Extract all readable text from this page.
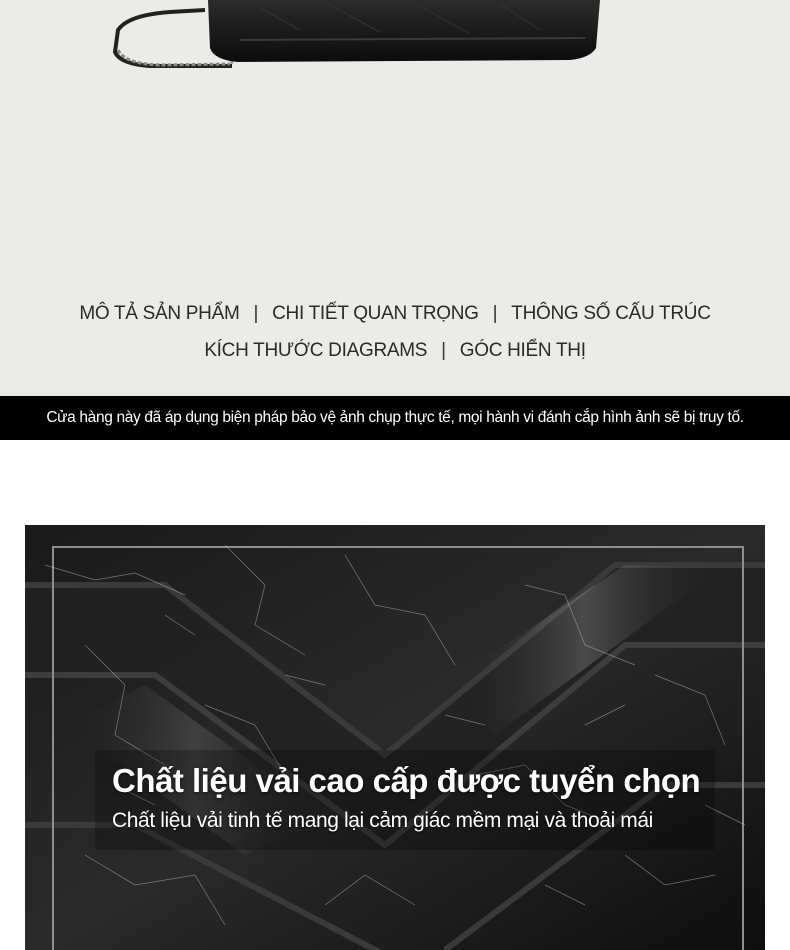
MÔ TẢ SẢN PHẨM | CHI TIẾT QUAN TRỌNG | THÔNG SỐ CẤU TRÚC
KÍCH THƯỚC DIAGRAMS | GÓC HIỂN THỊ
Cửa hàng này đã áp dụng biện pháp bảo vệ ảnh chụp thực tế, mọi hành vi đánh cắp hình ảnh sẽ bị truy tố.
Chất liệu vải cao cấp được tuyển chọn
Chất liệu vải tinh tế mang lại cảm giác mềm mại và thoải mái
